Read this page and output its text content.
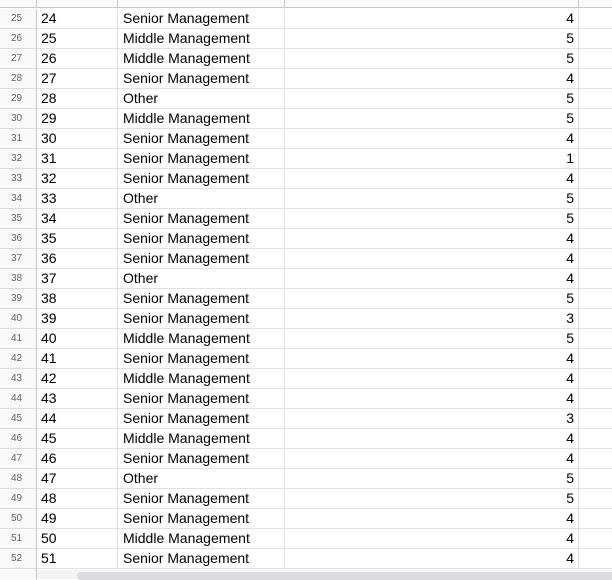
25	24	Senior Management	4
26	25	Middle Management	5
27	26	Middle Management	5
28	27	Senior Management	4
29	28	Other	5
30	29	Middle Management	5
31	30	Senior Management	4
32	31	Senior Management	1
33	32	Senior Management	4
34	33	Other	5
35	34	Senior Management	5
36	35	Senior Management	4
37	36	Senior Management	4
38	37	Other	4
39	38	Senior Management	5
40	39	Senior Management	3
41	40	Middle Management	5
42	41	Senior Management	4
43	42	Middle Management	4
44	43	Senior Management	4
45	44	Senior Management	3
46	45	Middle Management	4
47	46	Senior Management	4
48	47	Other	5
49	48	Senior Management	5
50	49	Senior Management	4
51	50	Middle Management	4
52	51	Senior Management	4
